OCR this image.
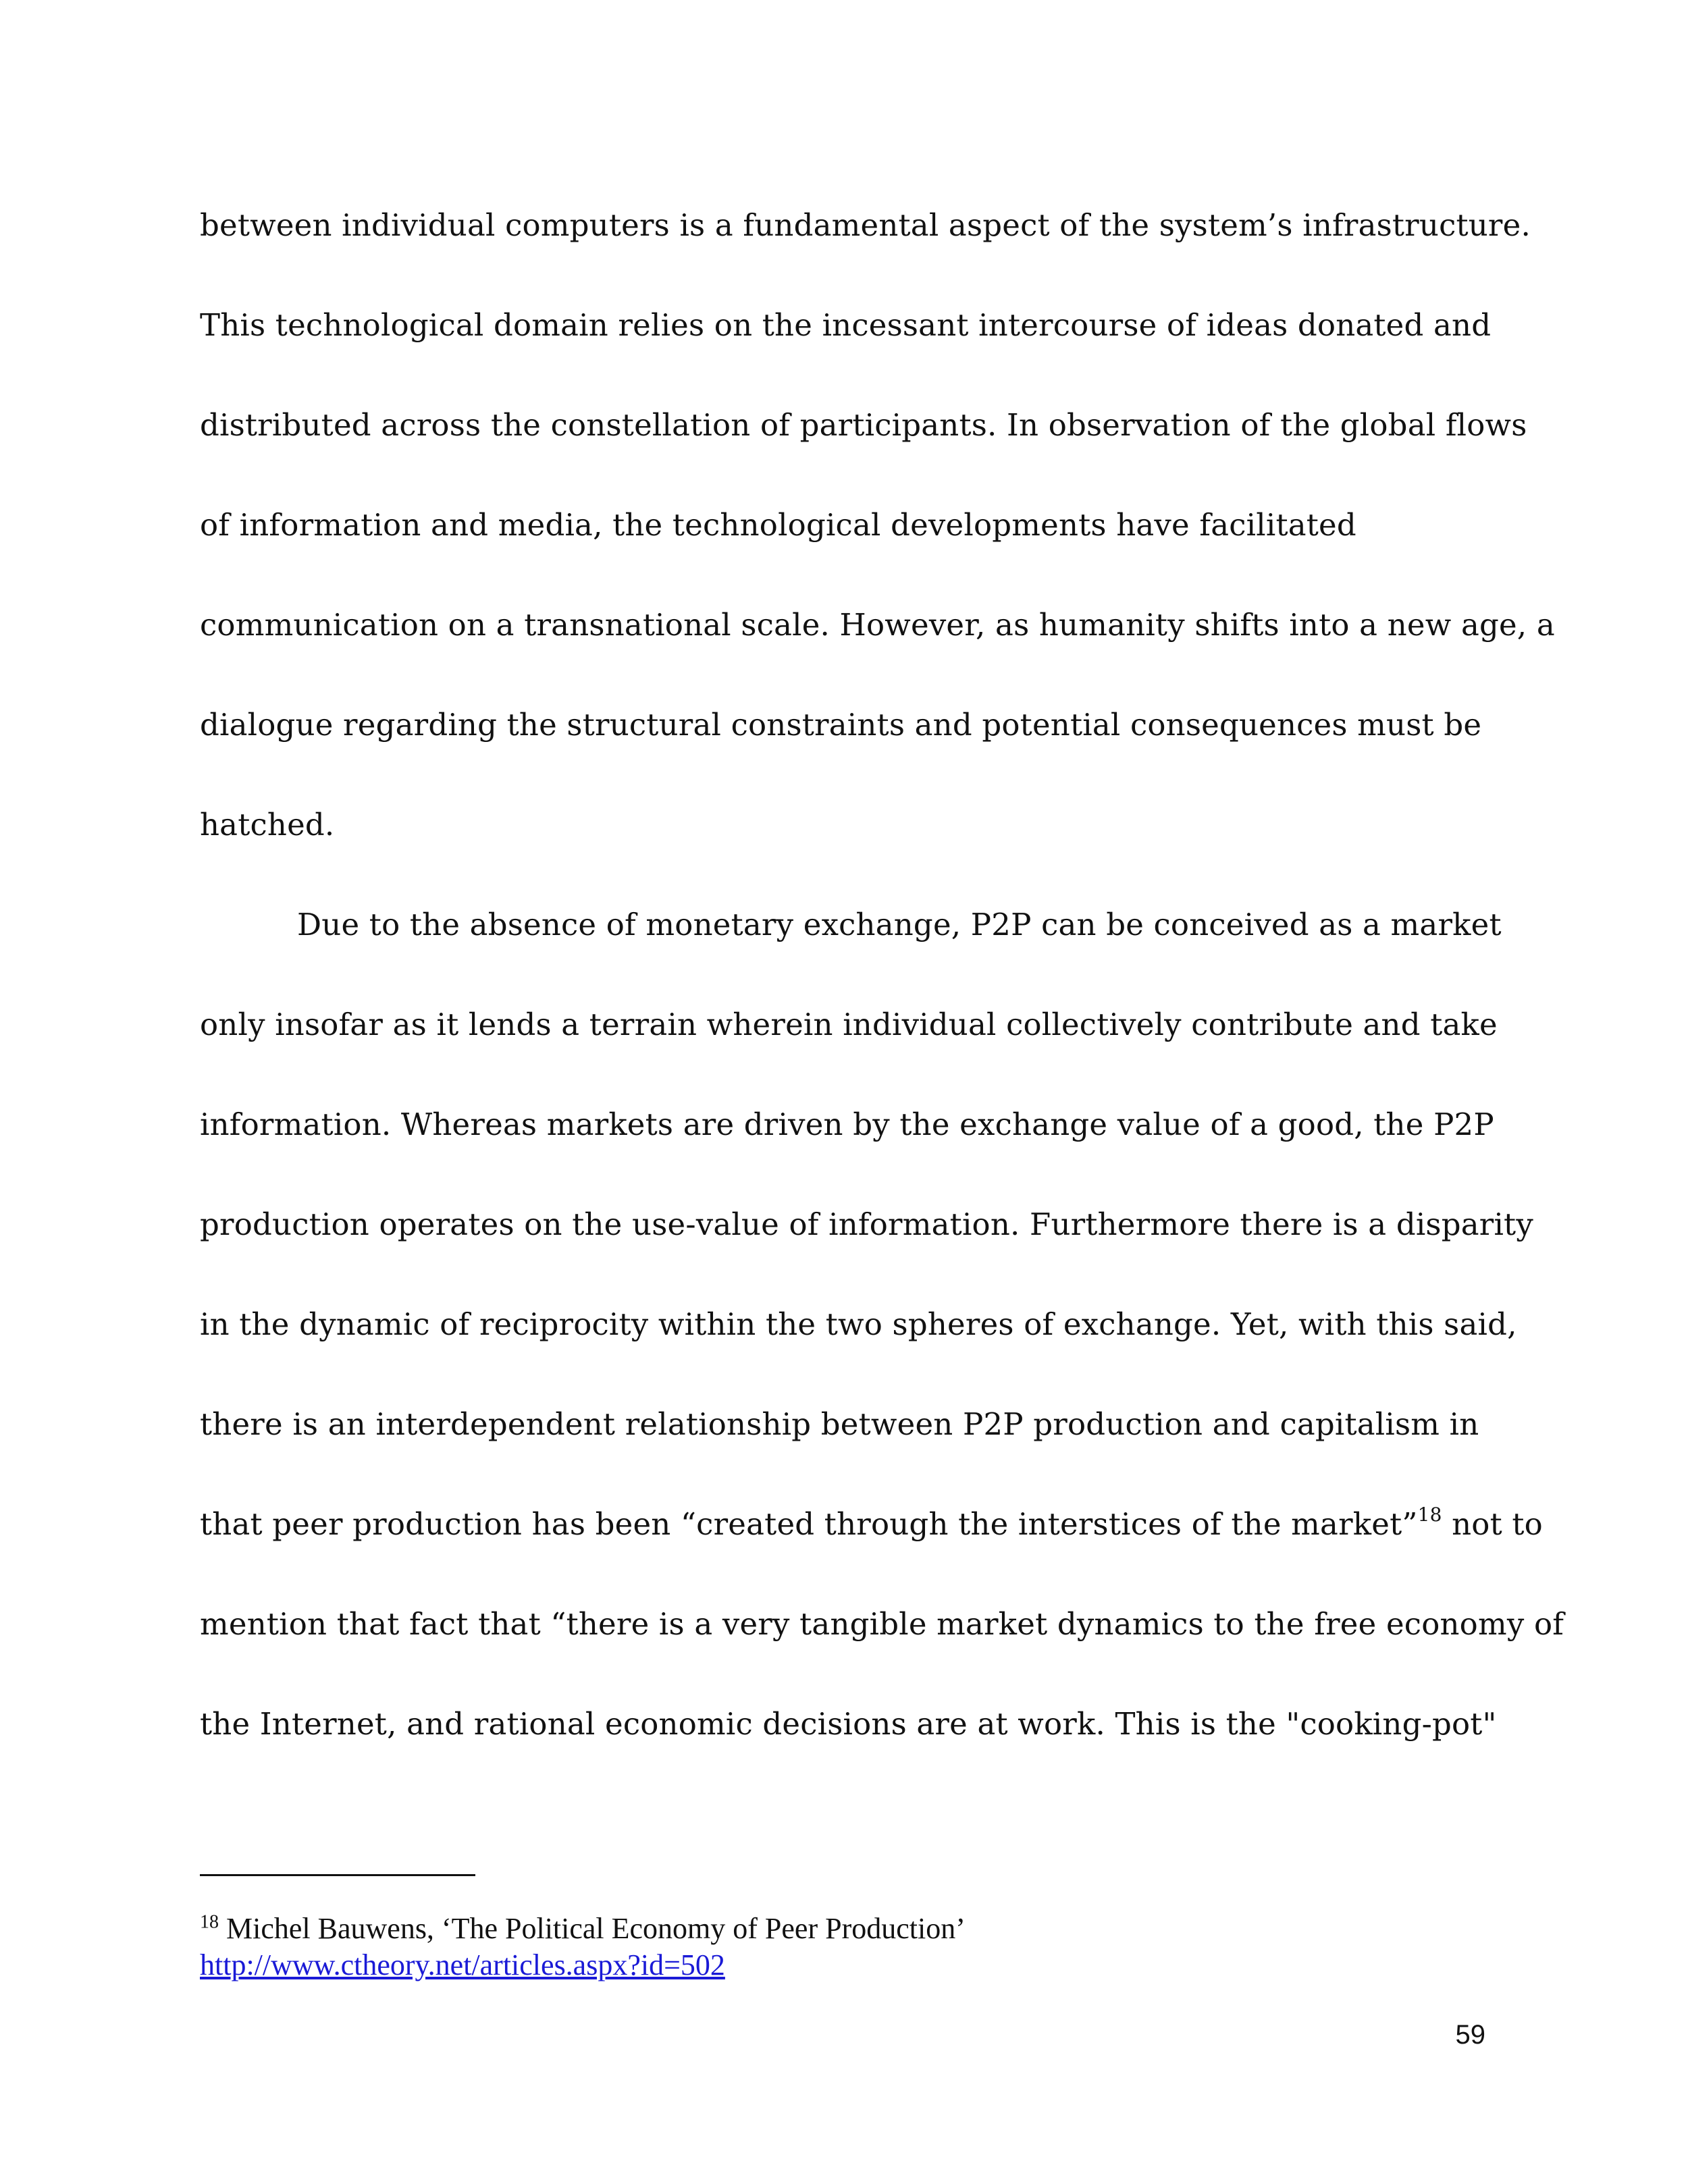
between individual computers is a fundamental aspect of the system’s infrastructure.

This technological domain relies on the incessant intercourse of ideas donated and

distributed across the constellation of participants. In observation of the global flows

of information and media, the technological developments have facilitated

communication on a transnational scale. However, as humanity shifts into a new age, a

dialogue regarding the structural constraints and potential consequences must be

hatched.

Due to the absence of monetary exchange, P2P can be conceived as a market

only insofar as it lends a terrain wherein individual collectively contribute and take

information. Whereas markets are driven by the exchange value of a good, the P2P

production operates on the use-value of information. Furthermore there is a disparity

in the dynamic of reciprocity within the two spheres of exchange. Yet, with this said,

there is an interdependent relationship between P2P production and capitalism in

that peer production has been “created through the interstices of the market”$^{18}$ not to

mention that fact that “there is a very tangible market dynamics to the free economy of

the Internet, and rational economic decisions are at work. This is the "cooking-pot"

$^{18}$ Michel Bauwens, ‘The Political Economy of Peer Production’
http://www.ctheory.net/articles.aspx?id=502
59
